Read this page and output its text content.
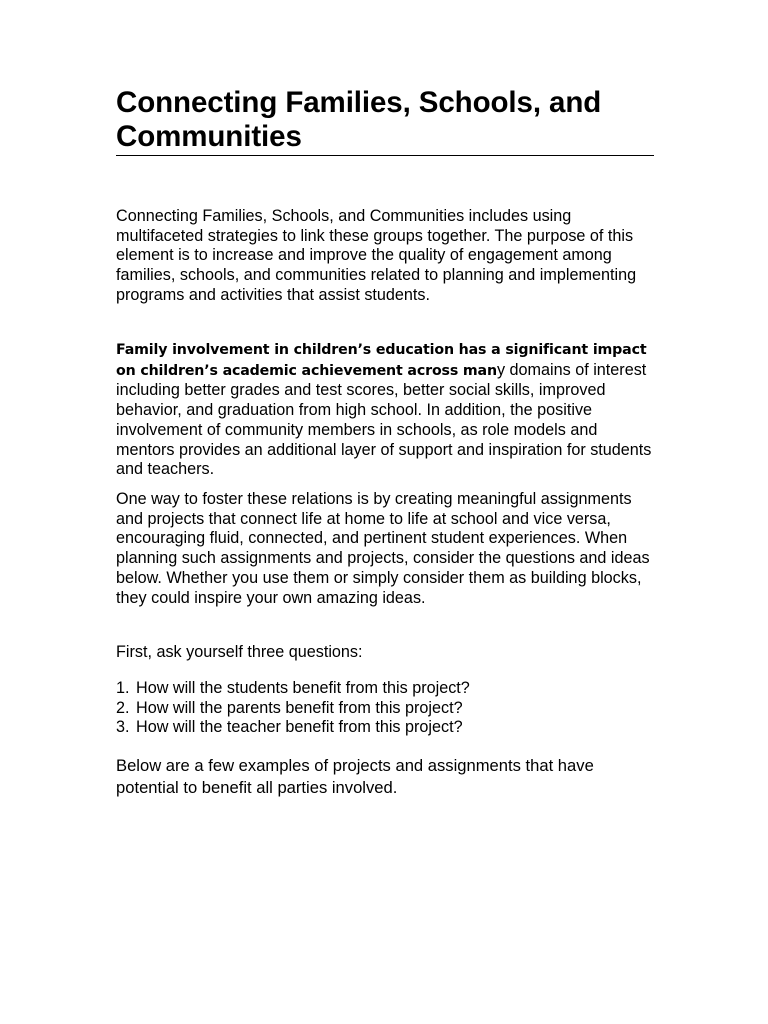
Connecting Families, Schools, and Communities

Connecting Families, Schools, and Communities includes using multifaceted strategies to link these groups together. The purpose of this element is to increase and improve the quality of engagement among families, schools, and communities related to planning and implementing programs and activities that assist students.

Family involvement in children’s education has a significant impact on children’s academic achievement across many domains of interest including better grades and test scores, better social skills, improved behavior, and graduation from high school. In addition, the positive involvement of community members in schools, as role models and mentors provides an additional layer of support and inspiration for students and teachers.

One way to foster these relations is by creating meaningful assignments and projects that connect life at home to life at school and vice versa, encouraging fluid, connected, and pertinent student experiences. When planning such assignments and projects, consider the questions and ideas below. Whether you use them or simply consider them as building blocks, they could inspire your own amazing ideas.

First, ask yourself three questions:

1. How will the students benefit from this project?
2. How will the parents benefit from this project?
3. How will the teacher benefit from this project?

Below are a few examples of projects and assignments that have potential to benefit all parties involved.
